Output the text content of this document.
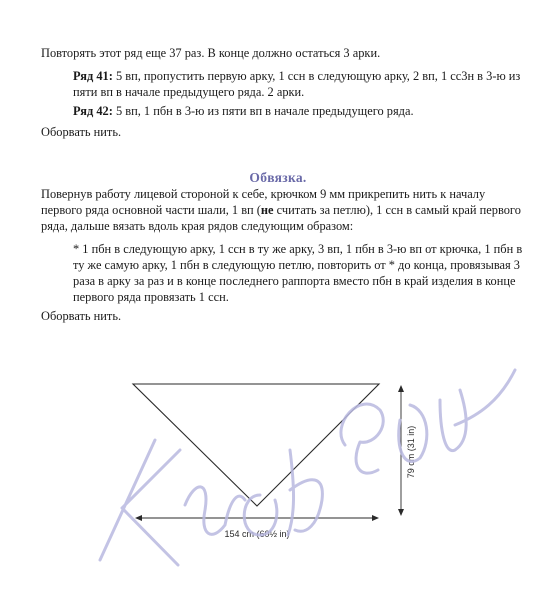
Повторять этот ряд еще 37 раз. В конце должно остаться 3 арки.

Ряд 41: 5 вп, пропустить первую арку, 1 ссн в следующую арку, 2 вп, 1 сс3н в 3-ю из пяти вп в начале предыдущего ряда. 2 арки.

Ряд 42: 5 вп, 1 пбн в 3-ю из пяти вп в начале предыдущего ряда.

Оборвать нить.

Обвязка.

Повернув работу лицевой стороной к себе, крючком 9 мм прикрепить нить к началу первого ряда основной части шали, 1 вп (не считать за петлю), 1 ссн в самый край первого ряда, дальше вязать вдоль края рядов следующим образом:

* 1 пбн в следующую арку, 1 ссн в ту же арку, 3 вп, 1 пбн в 3-ю вп от крючка, 1 пбн в ту же самую арку, 1 пбн в следующую петлю, повторить от * до конца, провязывая 3 раза в арку за раз и в конце последнего раппорта вместо пбн в край изделия в конце первого ряда провязать 1 ссн.

Оборвать нить.

79 cm (31 in)
154 cm (60½ in)
